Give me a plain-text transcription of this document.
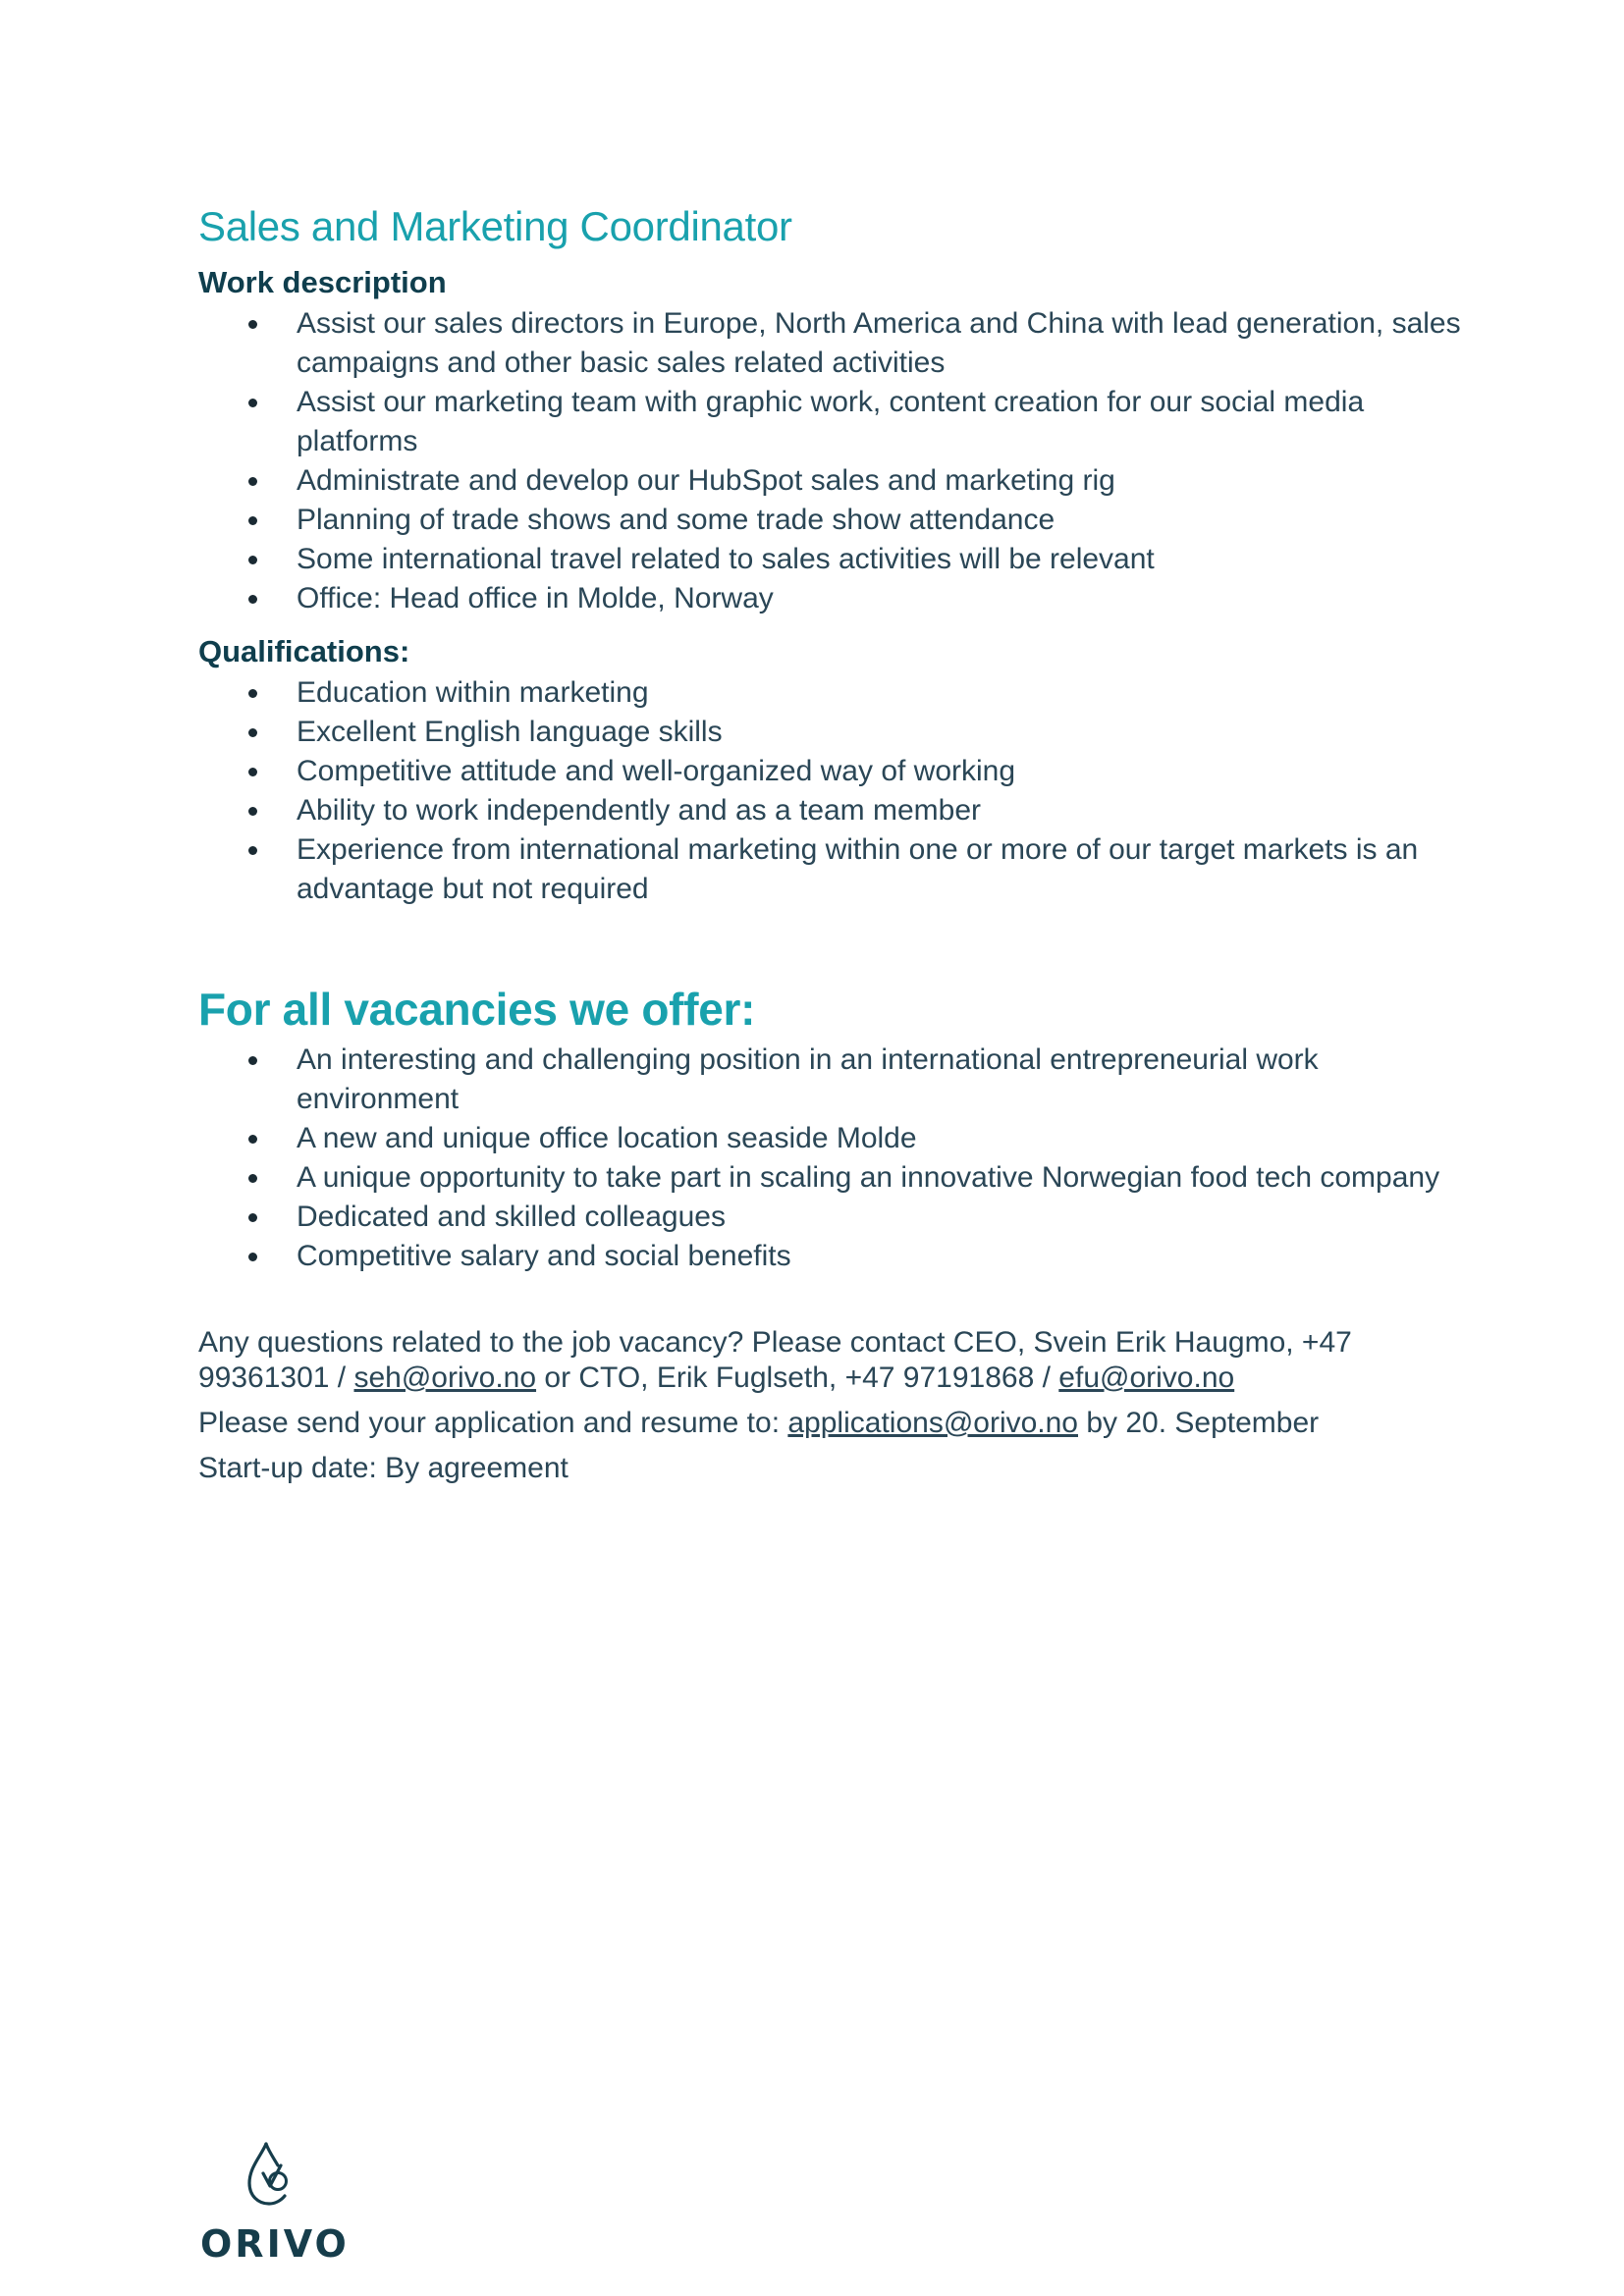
Sales and Marketing Coordinator
Work description
Assist our sales directors in Europe, North America and China with lead generation, sales campaigns and other basic sales related activities
Assist our marketing team with graphic work, content creation for our social media platforms
Administrate and develop our HubSpot sales and marketing rig
Planning of trade shows and some trade show attendance
Some international travel related to sales activities will be relevant
Office: Head office in Molde, Norway
Qualifications:
Education within marketing
Excellent English language skills
Competitive attitude and well-organized way of working
Ability to work independently and as a team member
Experience from international marketing within one or more of our target markets is an advantage but not required
For all vacancies we offer:
An interesting and challenging position in an international entrepreneurial work environment
A new and unique office location seaside Molde
A unique opportunity to take part in scaling an innovative Norwegian food tech company
Dedicated and skilled colleagues
Competitive salary and social benefits

Any questions related to the job vacancy? Please contact CEO, Svein Erik Haugmo, +47 99361301 / seh@orivo.no or CTO, Erik Fuglseth, +47 97191868 / efu@orivo.no

Please send your application and resume to: applications@orivo.no by 20. September

Start-up date: By agreement

ORIVO
